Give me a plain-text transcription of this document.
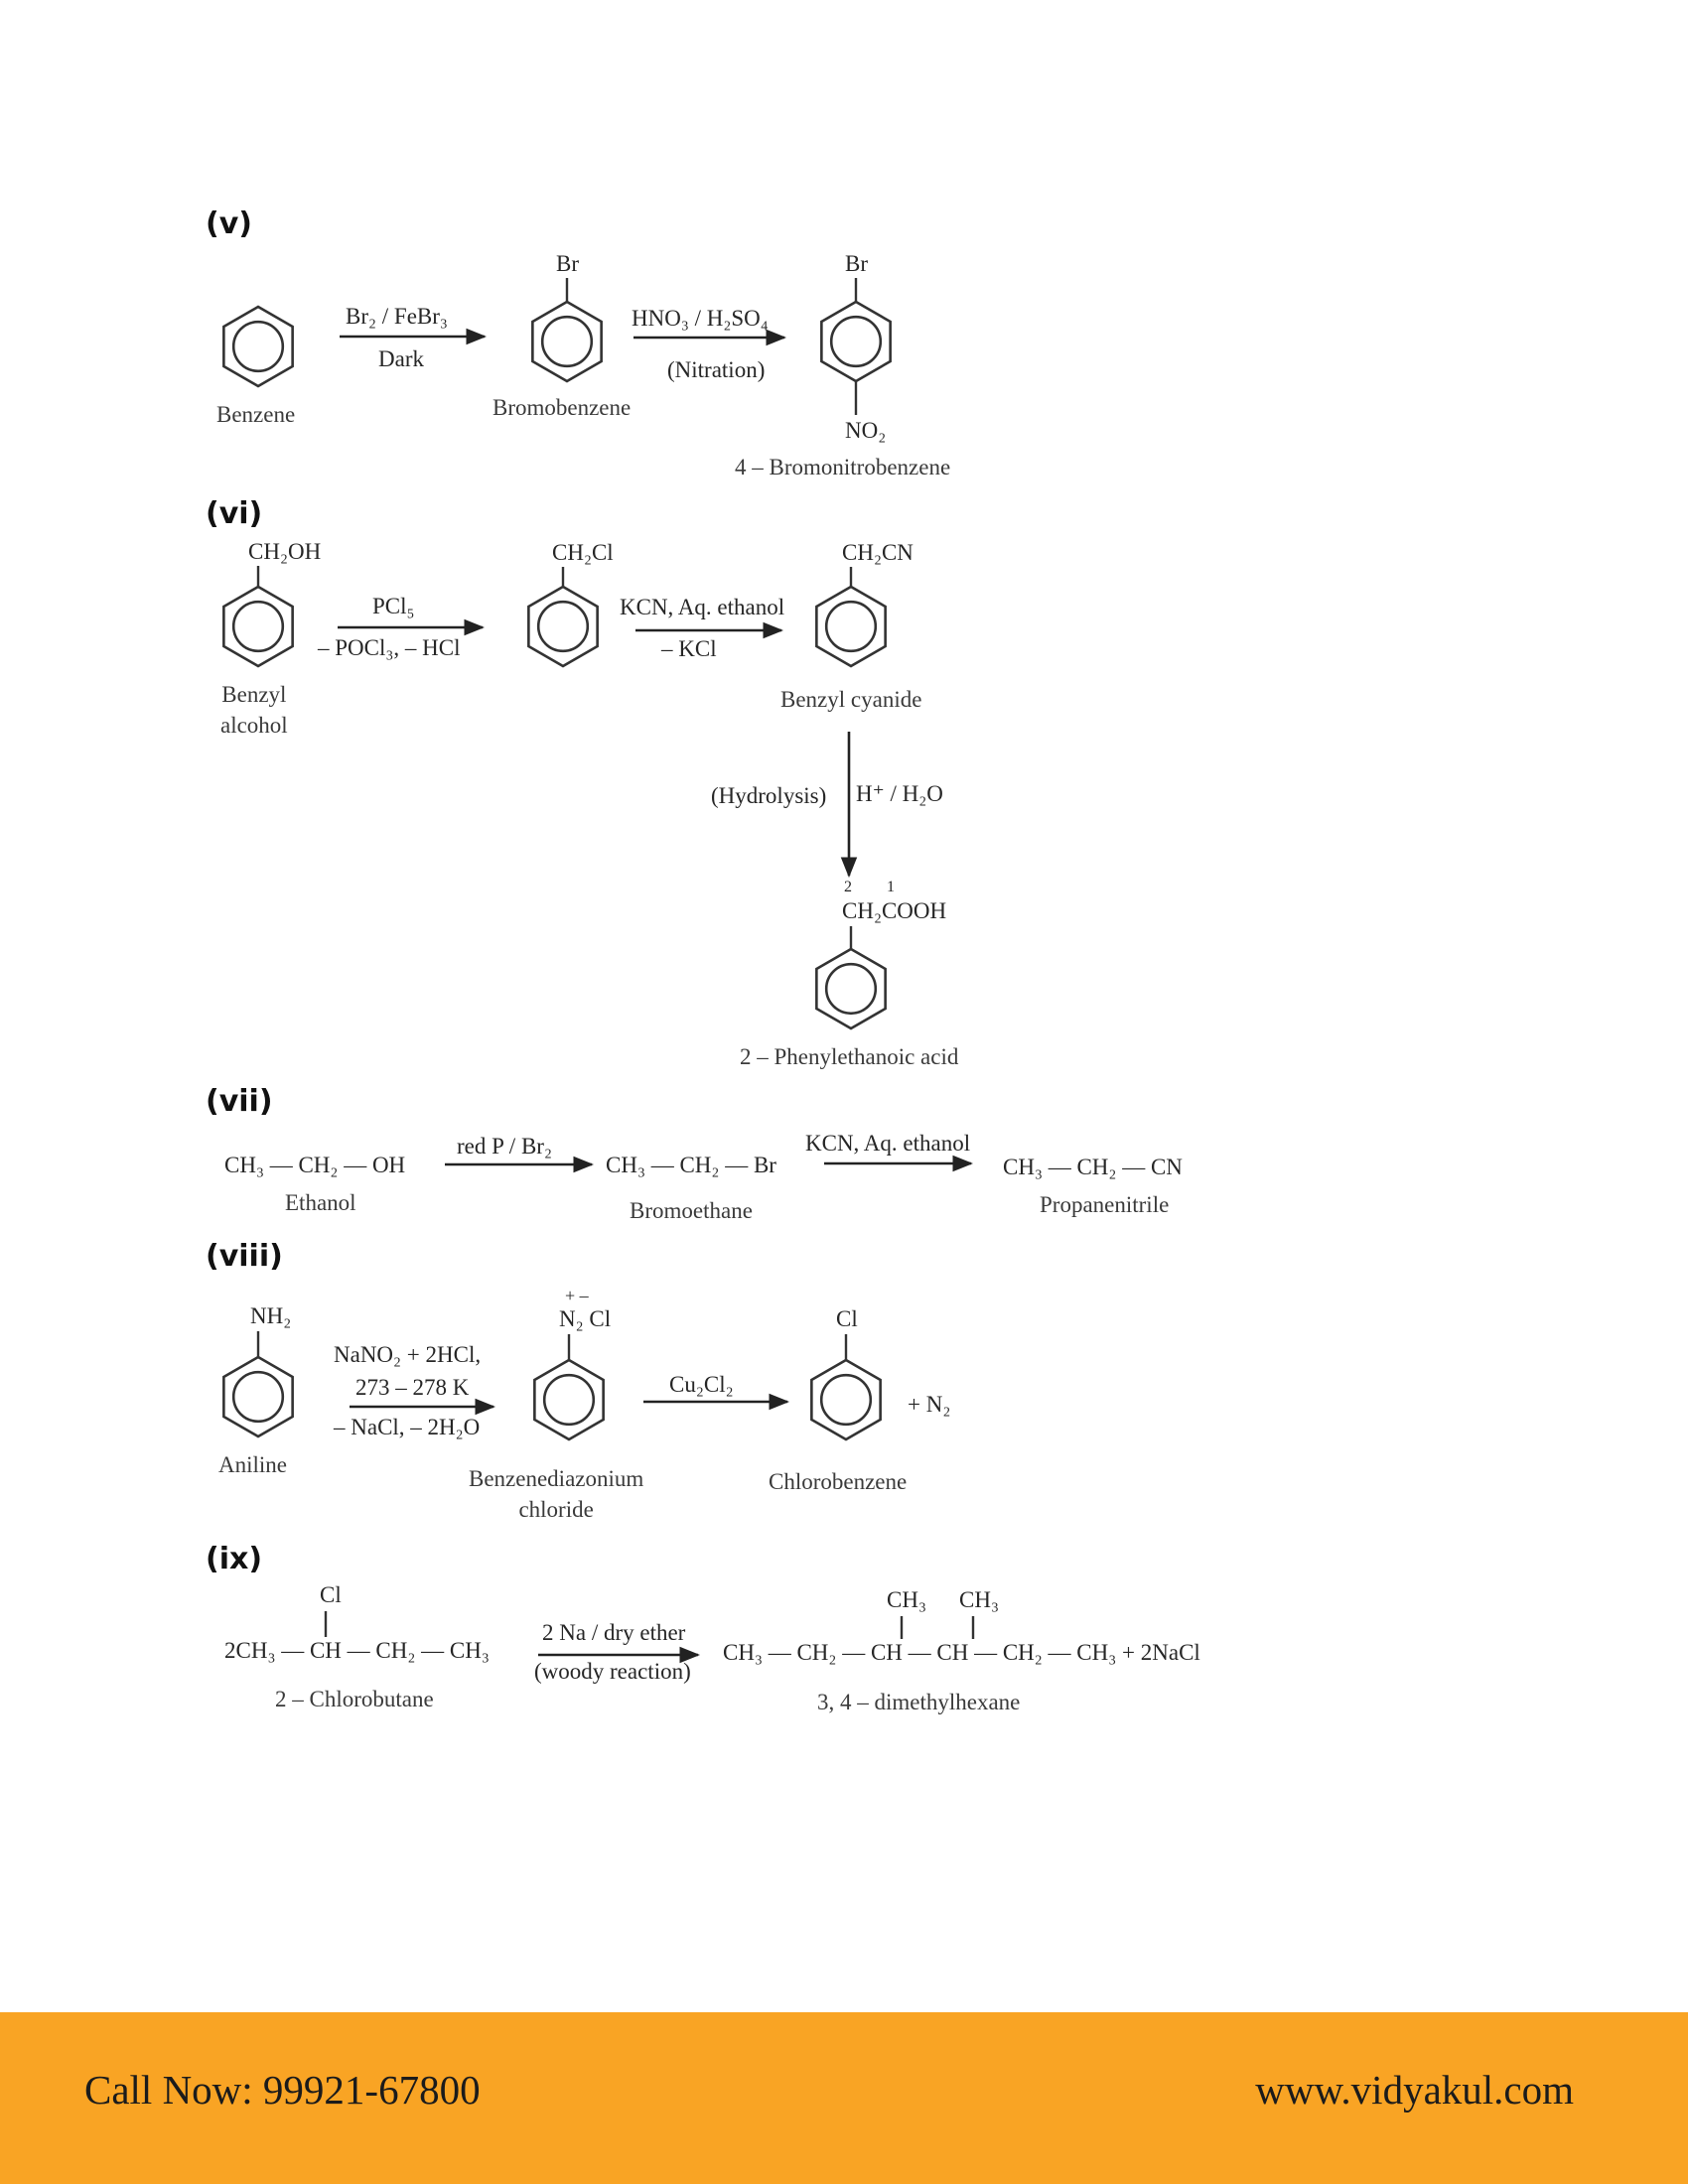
(v)
Br	Br
Br₂ / FeBr₃
Dark
HNO₃ / H₂SO₄
(Nitration)
Benzene	Bromobenzene
NO₂
4 – Bromonitrobenzene
(vi)
CH₂OH	CH₂Cl	CH₂CN
PCl₅
– POCl₃, – HCl
KCN, Aq. ethanol
– KCl
Benzyl
alcohol
Benzyl cyanide
(Hydrolysis) H⁺ / H₂O
2 1
CH₂COOH
2 – Phenylethanoic acid
(vii)
red P / Br₂	KCN, Aq. ethanol
CH₃ — CH₂ — OH	CH₃ — CH₂ — Br	CH₃ — CH₂ — CN
Ethanol	Bromoethane	Propanenitrile
(viii)
+ –
NH₂	N₂ Cl	Cl
NaNO₂ + 2HCl,
273 – 278 K
– NaCl, – 2H₂O
Cu₂Cl₂
+ N₂
Aniline
Benzenediazonium
chloride
Chlorobenzene
(ix)
Cl	CH₃ CH₃
2 Na / dry ether
2CH₃ — CH — CH₂ — CH₃	CH₃ — CH₂ — CH — CH — CH₂ — CH₃ + 2NaCl
(woody reaction)
2 – Chlorobutane	3, 4 – dimethylhexane
Call Now: 99921-67800	www.vidyakul.com
